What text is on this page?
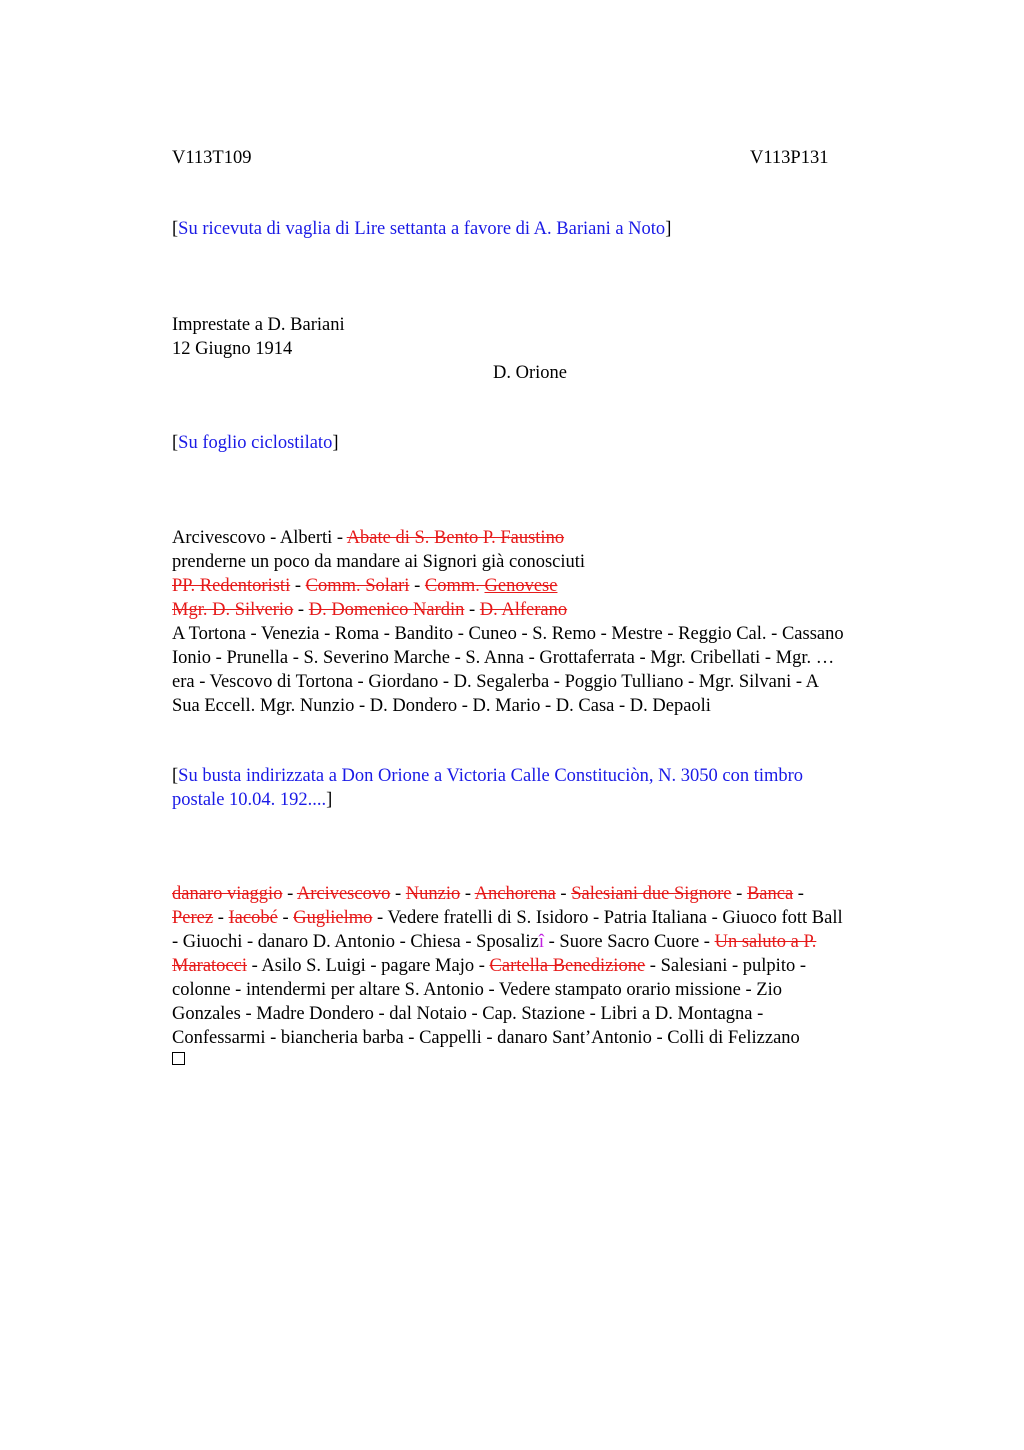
V113T109	V113P131
[Su ricevuta di vaglia di Lire settanta a favore di A. Bariani a Noto]
Imprestate a D. Bariani
12 Giugno 1914
D. Orione
[Su foglio ciclostilato]
Arcivescovo - Alberti - Abate di S. Bento P. Faustino
prenderne un poco da mandare ai Signori già conosciuti
PP. Redentoristi - Comm. Solari - Comm. Genovese
Mgr. D. Silverio - D. Domenico Nardin - D. Alferano
A Tortona - Venezia - Roma - Bandito - Cuneo - S. Remo - Mestre - Reggio Cal. - Cassano
Ionio - Prunella - S. Severino Marche - S. Anna - Grottaferrata - Mgr. Cribellati - Mgr. …
era - Vescovo di Tortona - Giordano - D. Segalerba - Poggio Tulliano - Mgr. Silvani - A
Sua Eccell. Mgr. Nunzio - D. Dondero - D. Mario - D. Casa - D. Depaoli
[Su busta indirizzata a Don Orione a Victoria Calle Constituciòn, N. 3050 con timbro
postale 10.04. 192....]
danaro viaggio - Arcivescovo - Nunzio - Anchorena - Salesiani due Signore - Banca -
Perez - Iacobé - Guglielmo - Vedere fratelli di S. Isidoro - Patria Italiana - Giuoco fott Ball
- Giuochi - danaro D. Antonio - Chiesa - Sposalizî - Suore Sacro Cuore - Un saluto a P.
Maratocci - Asilo S. Luigi - pagare Majo - Cartella Benedizione - Salesiani - pulpito -
colonne - intendermi per altare S. Antonio - Vedere stampato orario missione - Zio
Gonzales - Madre Dondero - dal Notaio - Cap. Stazione - Libri a D. Montagna -
Confessarmi - biancheria barba - Cappelli - danaro Sant’Antonio - Colli di Felizzano
